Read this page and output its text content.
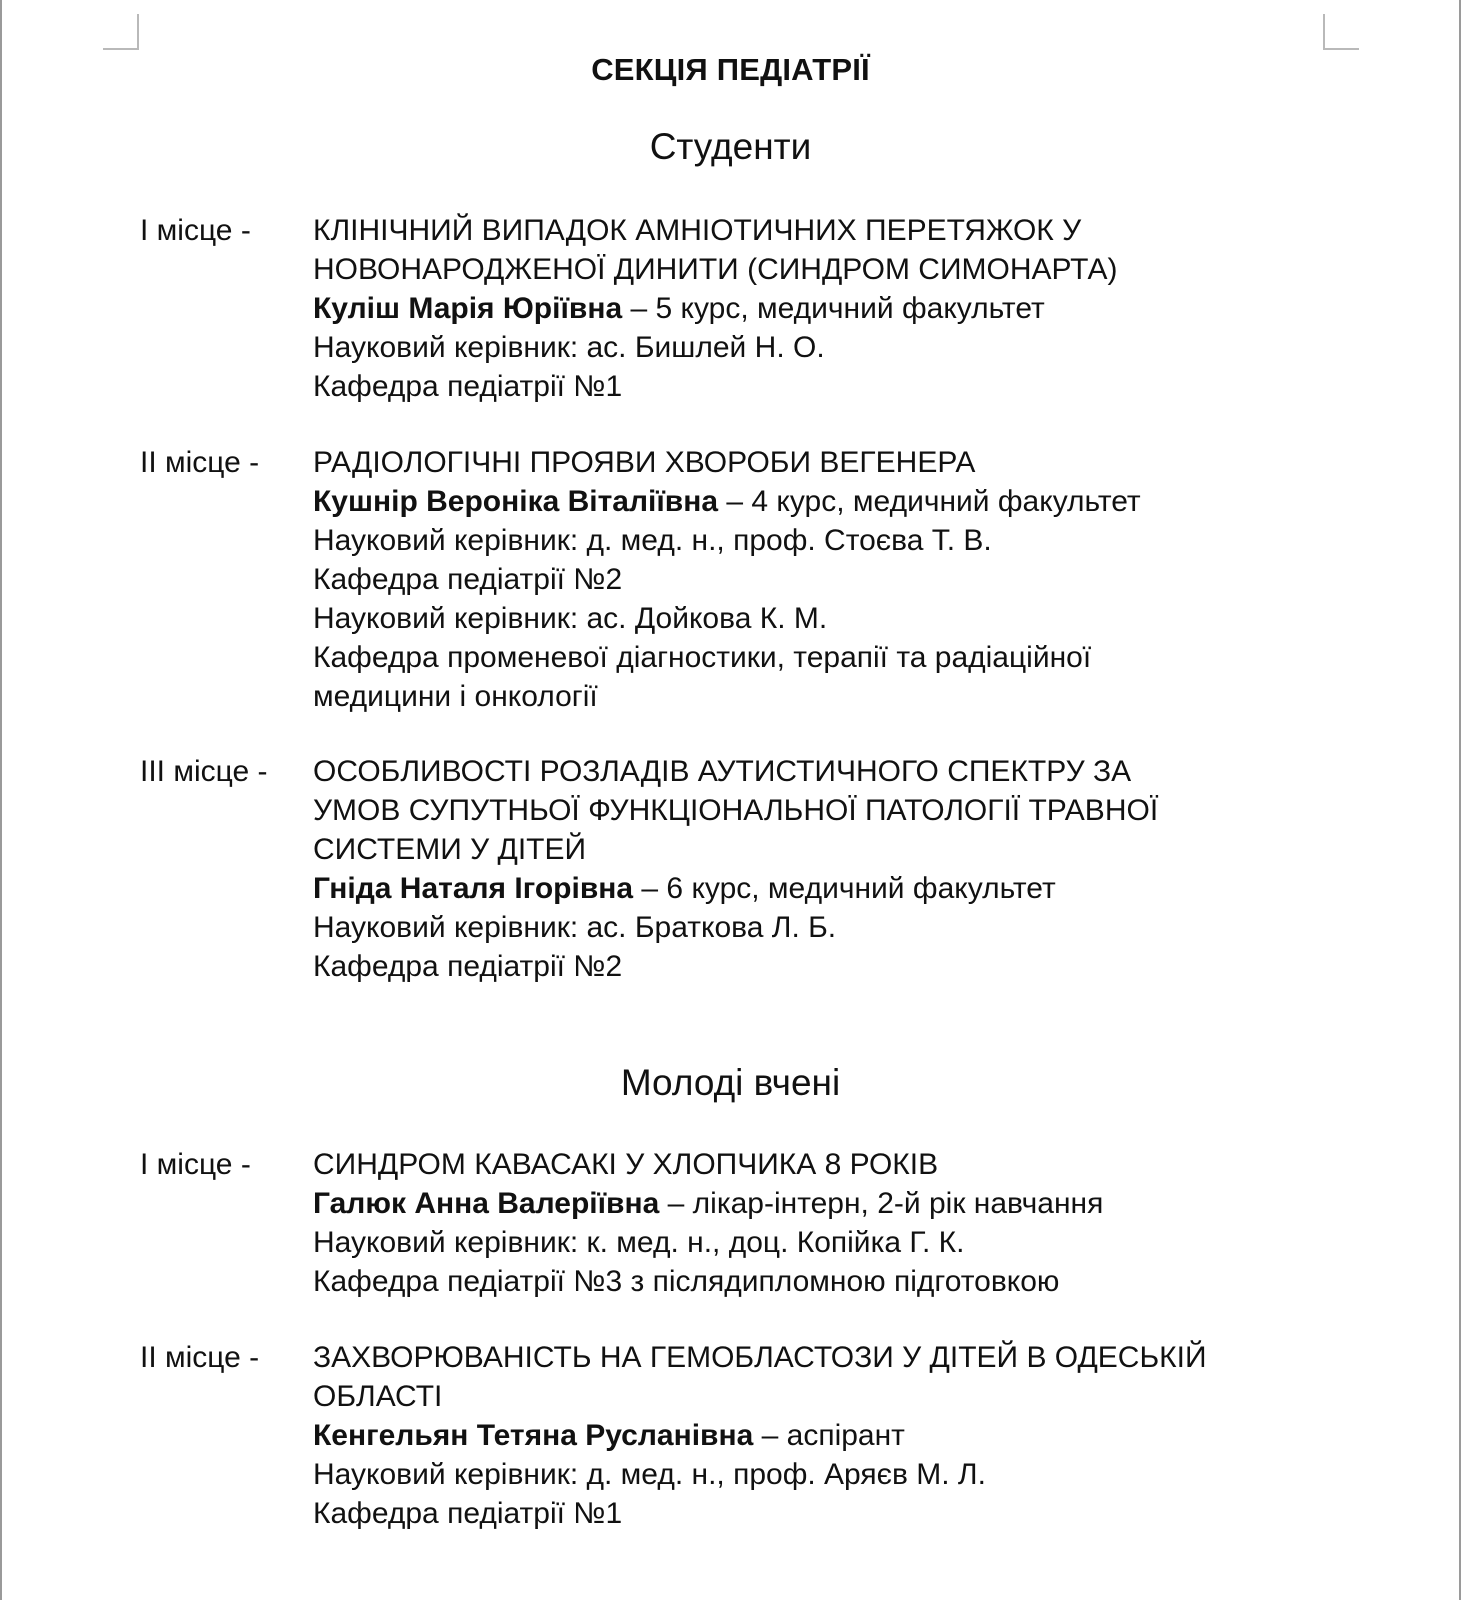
СЕКЦІЯ ПЕДІАТРІЇ
Студенти
І місце - КЛІНІЧНИЙ ВИПАДОК АМНІОТИЧНИХ ПЕРЕТЯЖОК У
НОВОНАРОДЖЕНОЇ ДИНИТИ (СИНДРОМ СИМОНАРТА)
Куліш Марія Юріївна – 5 курс, медичний факультет
Науковий керівник: ас. Бишлей Н. О.
Кафедра педіатрії №1
ІІ місце - РАДІОЛОГІЧНІ ПРОЯВИ ХВОРОБИ ВЕГЕНЕРА
Кушнір Вероніка Віталіївна – 4 курс, медичний факультет
Науковий керівник: д. мед. н., проф. Стоєва Т. В.
Кафедра педіатрії №2
Науковий керівник: ас. Дойкова К. М.
Кафедра променевої діагностики, терапії та радіаційної
медицини і онкології
ІІІ місце - ОСОБЛИВОСТІ РОЗЛАДІВ АУТИСТИЧНОГО СПЕКТРУ ЗА
УМОВ СУПУТНЬОЇ ФУНКЦІОНАЛЬНОЇ ПАТОЛОГІЇ ТРАВНОЇ
СИСТЕМИ У ДІТЕЙ
Гніда Наталя Ігорівна – 6 курс, медичний факультет
Науковий керівник: ас. Браткова Л. Б.
Кафедра педіатрії №2
Молоді вчені
І місце - СИНДРОМ КАВАСАКІ У ХЛОПЧИКА 8 РОКІВ
Галюк Анна Валеріївна – лікар-інтерн, 2-й рік навчання
Науковий керівник: к. мед. н., доц. Копійка Г. К.
Кафедра педіатрії №3 з післядипломною підготовкою
ІІ місце - ЗАХВОРЮВАНІСТЬ НА ГЕМОБЛАСТОЗИ У ДІТЕЙ В ОДЕСЬКІЙ
ОБЛАСТІ
Кенгельян Тетяна Русланівна – аспірант
Науковий керівник: д. мед. н., проф. Аряєв М. Л.
Кафедра педіатрії №1
